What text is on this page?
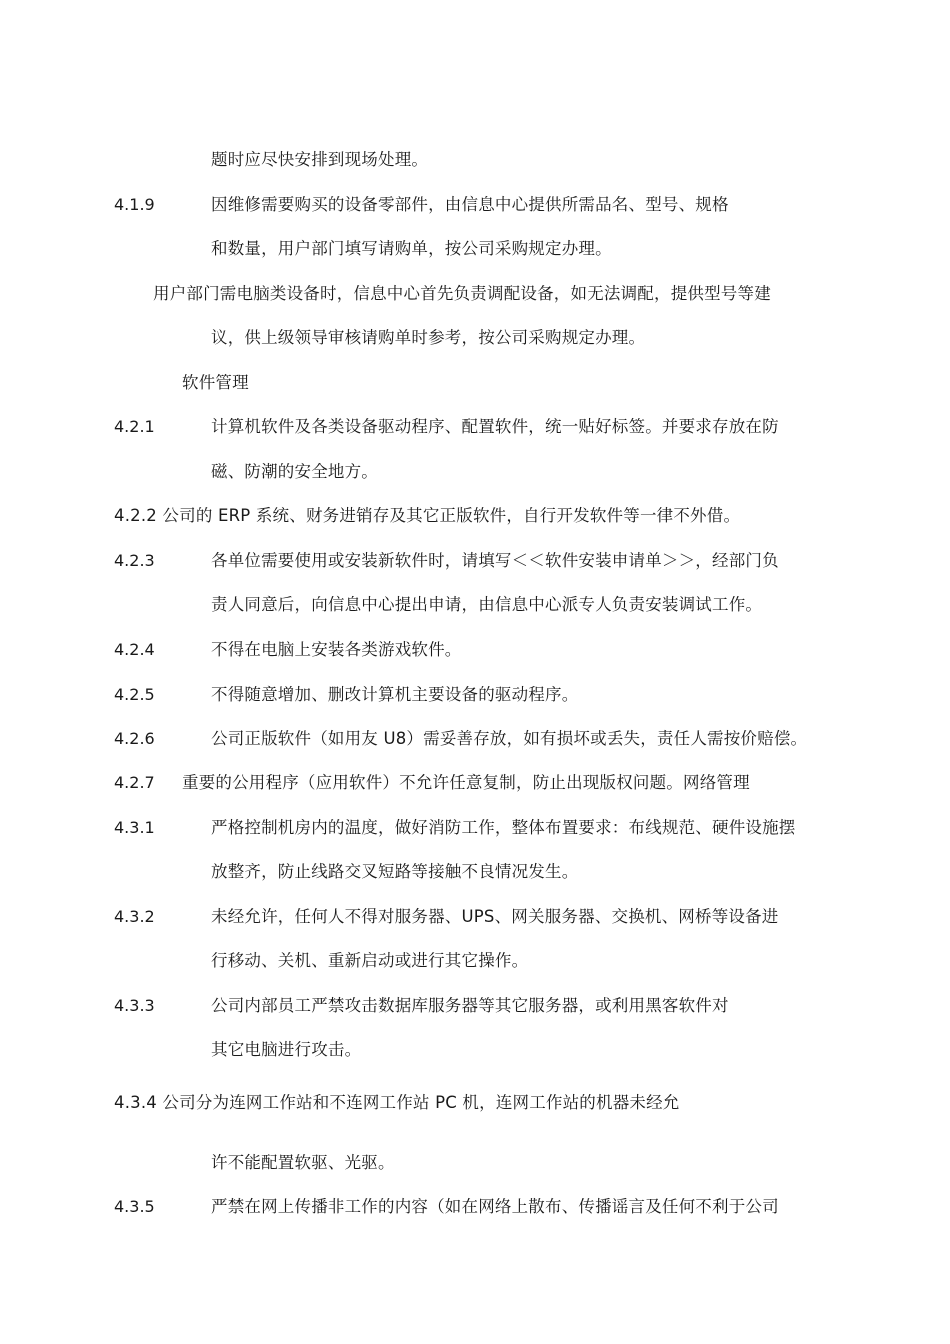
题时应尽快安排到现场处理。
4.1.9	因维修需要购买的设备零部件，由信息中心提供所需品名、型号、规格
和数量，用户部门填写请购单，按公司采购规定办理。
用户部门需电脑类设备时，信息中心首先负责调配设备，如无法调配，提供型号等建
议，供上级领导审核请购单时参考，按公司采购规定办理。
软件管理
4.2.1	计算机软件及各类设备驱动程序、配置软件，统一贴好标签。并要求存放在防
磁、防潮的安全地方。
4.2.2 公司的 ERP 系统、财务进销存及其它正版软件，自行开发软件等一律不外借。
4.2.3	各单位需要使用或安装新软件时，请填写＜＜软件安装申请单＞＞，经部门负
责人同意后，向信息中心提出申请，由信息中心派专人负责安装调试工作。
4.2.4	不得在电脑上安装各类游戏软件。
4.2.5	不得随意增加、删改计算机主要设备的驱动程序。
4.2.6	公司正版软件（如用友 U8）需妥善存放，如有损坏或丢失，责任人需按价赔偿。
4.2.7 重要的公用程序（应用软件）不允许任意复制，防止出现版权问题。网络管理
4.3.1	严格控制机房内的温度，做好消防工作，整体布置要求：布线规范、硬件设施摆
放整齐，防止线路交叉短路等接触不良情况发生。
4.3.2	未经允许，任何人不得对服务器、UPS、网关服务器、交换机、网桥等设备进
行移动、关机、重新启动或进行其它操作。
4.3.3	公司内部员工严禁攻击数据库服务器等其它服务器，或利用黑客软件对
其它电脑进行攻击。
4.3.4 公司分为连网工作站和不连网工作站 PC 机，连网工作站的机器未经允
许不能配置软驱、光驱。
4.3.5	严禁在网上传播非工作的内容（如在网络上散布、传播谣言及任何不利于公司
